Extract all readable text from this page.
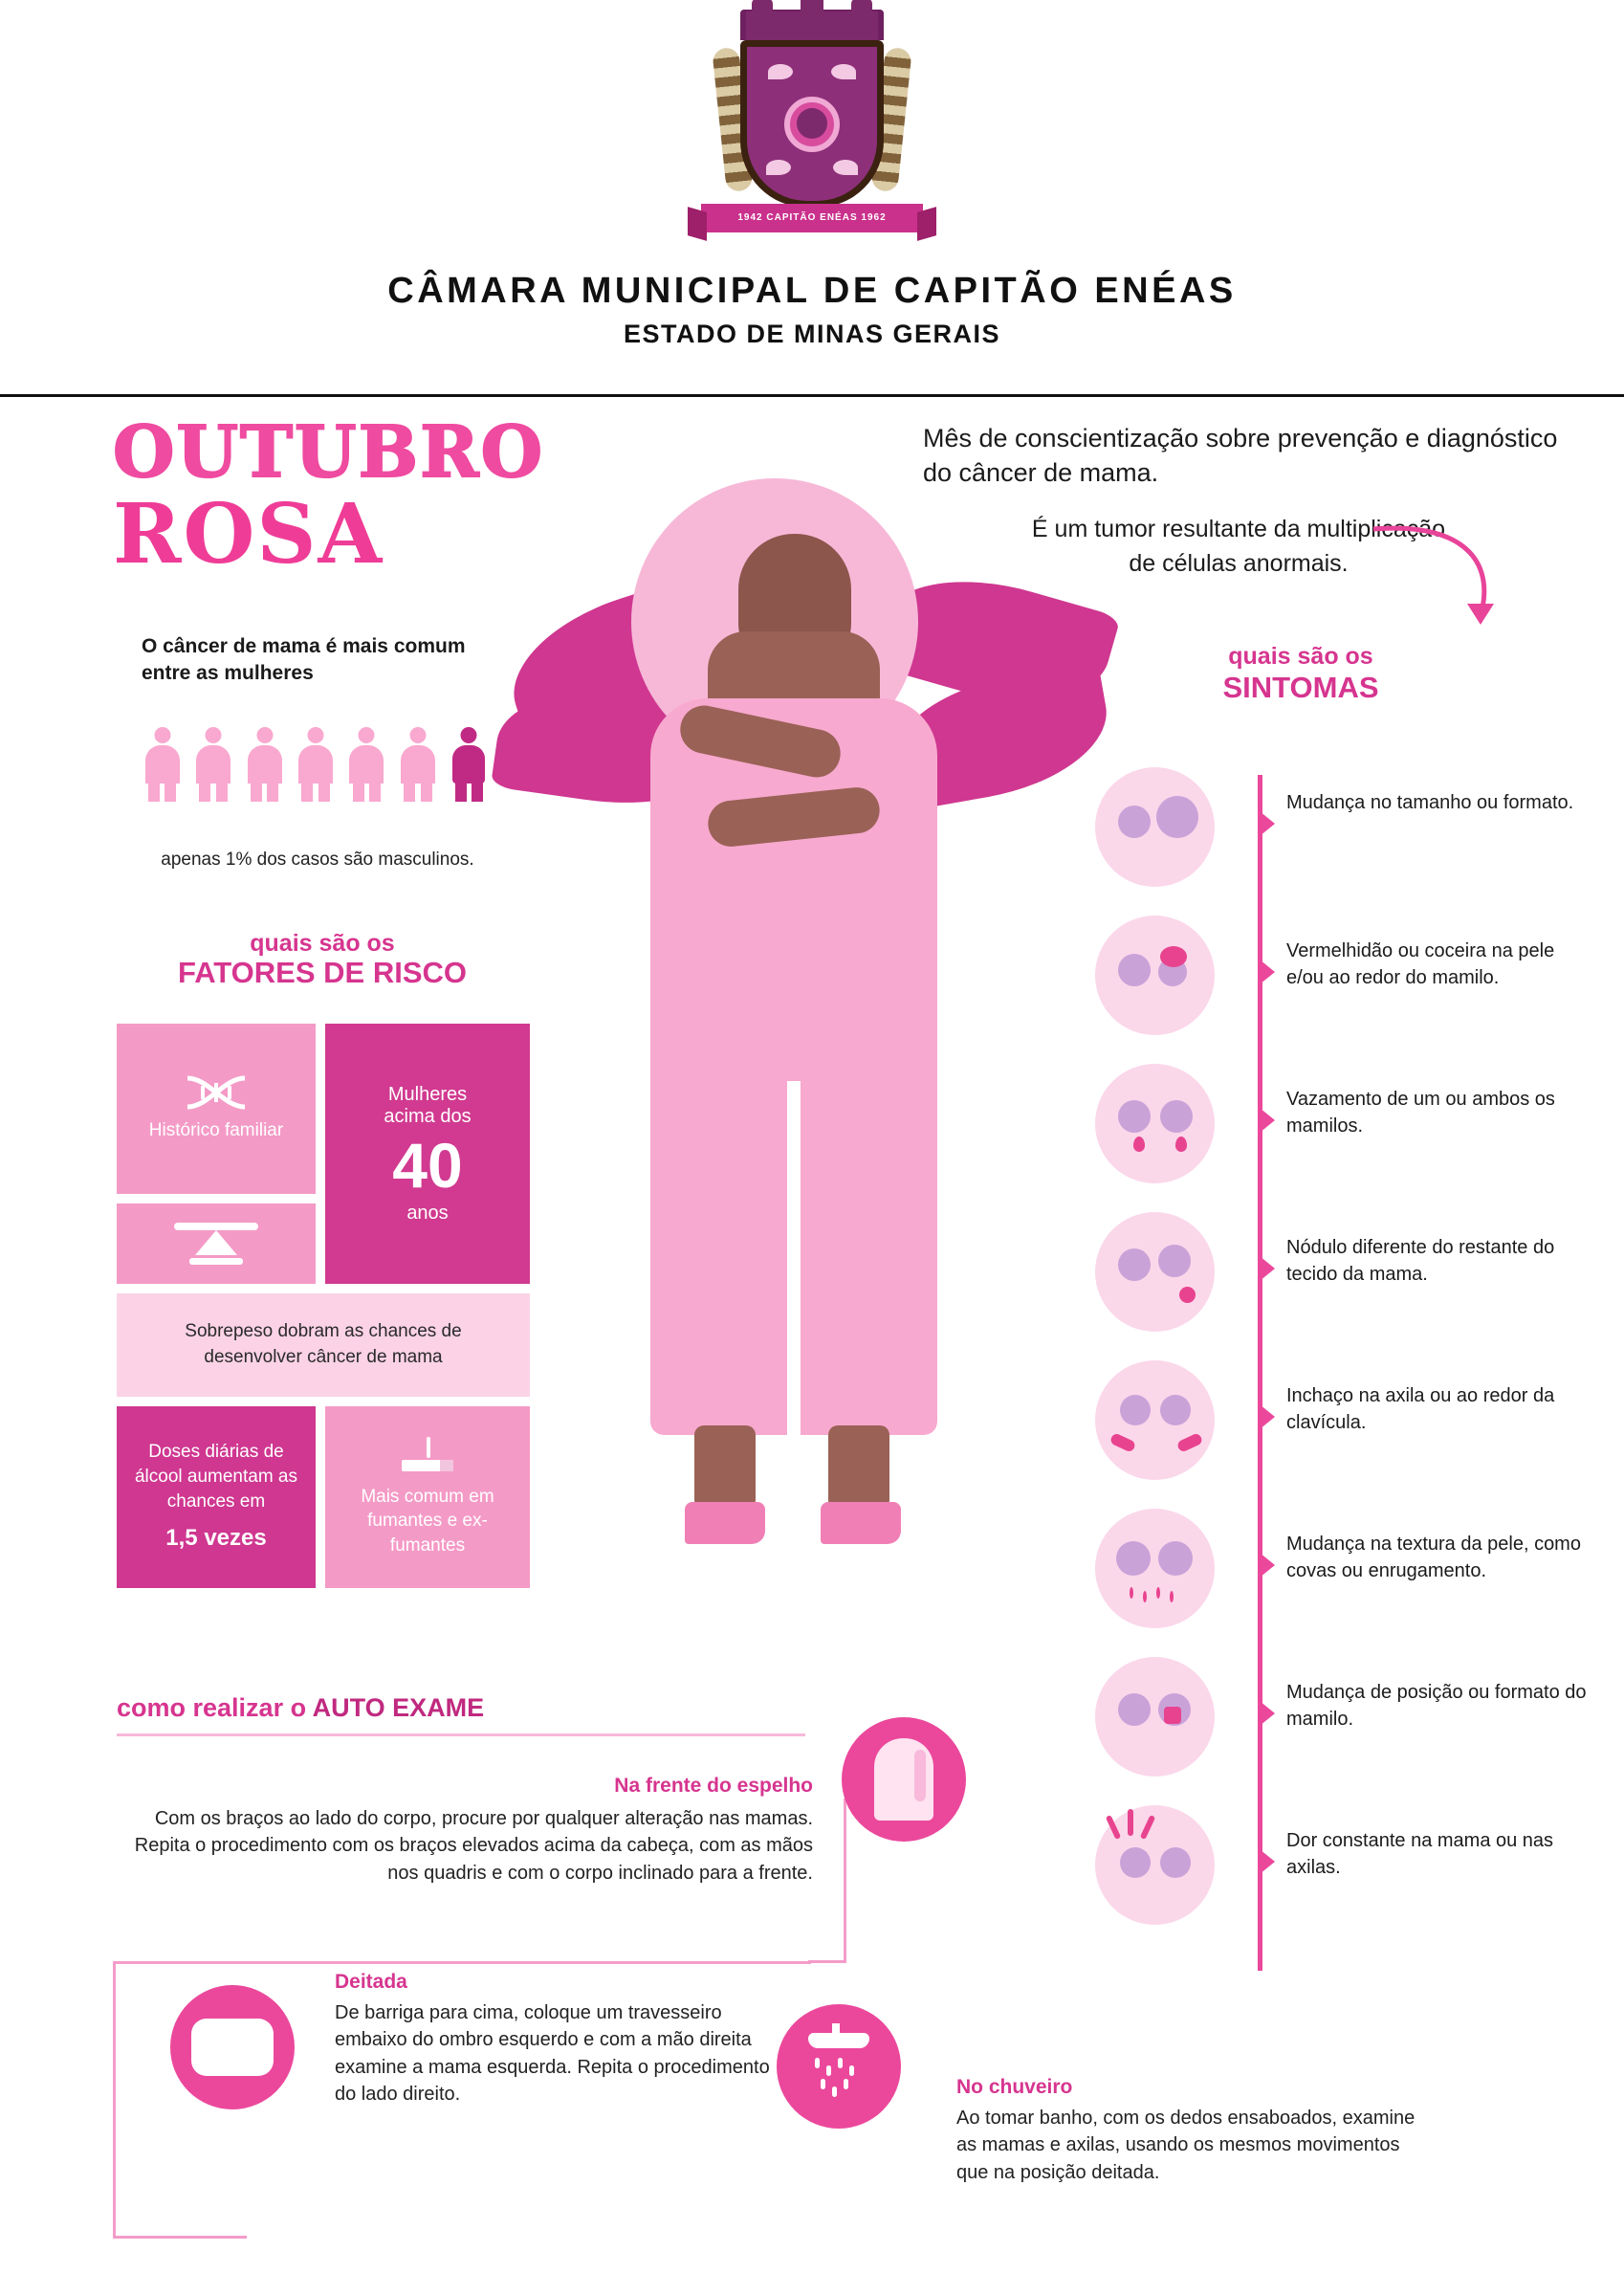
1942 CAPITÃO ENÉAS 1962
CÂMARA MUNICIPAL DE CAPITÃO ENÉAS
ESTADO DE MINAS GERAIS
OUTUBRO
ROSA
O câncer de mama é mais comum entre as mulheres
apenas 1% dos casos são masculinos.
quais são os
FATORES DE RISCO
Histórico familiar
Mulheres
acima dos
40
anos
Sobrepeso dobram as chances de desenvolver câncer de mama
Doses diárias de álcool aumentam as chances em
1,5 vezes
Mais comum em fumantes e ex-fumantes
Mês de conscientização sobre prevenção e diagnóstico do câncer de mama.
É um tumor resultante da multiplicação de células anormais.
quais são os
SINTOMAS
Mudança no tamanho ou formato.
Vermelhidão ou coceira na pele e/ou ao redor do mamilo.
Vazamento de um ou ambos os mamilos.
Nódulo diferente do restante do tecido da mama.
Inchaço na axila ou ao redor da clavícula.
Mudança na textura da pele, como covas ou enrugamento.
Mudança de posição ou formato do mamilo.
Dor constante na mama ou nas axilas.
como realizar o AUTO EXAME
Na frente do espelho
Com os braços ao lado do corpo, procure por qualquer alteração nas mamas. Repita o procedimento com os braços elevados acima da cabeça, com as mãos nos quadris e com o corpo inclinado para a frente.
Deitada
De barriga para cima, coloque um travesseiro embaixo do ombro esquerdo e com a mão direita examine a mama esquerda. Repita o procedimento do lado direito.	No chuveiro
Ao tomar banho, com os dedos ensaboados, examine as mamas e axilas, usando os mesmos movimentos que na posição deitada.
